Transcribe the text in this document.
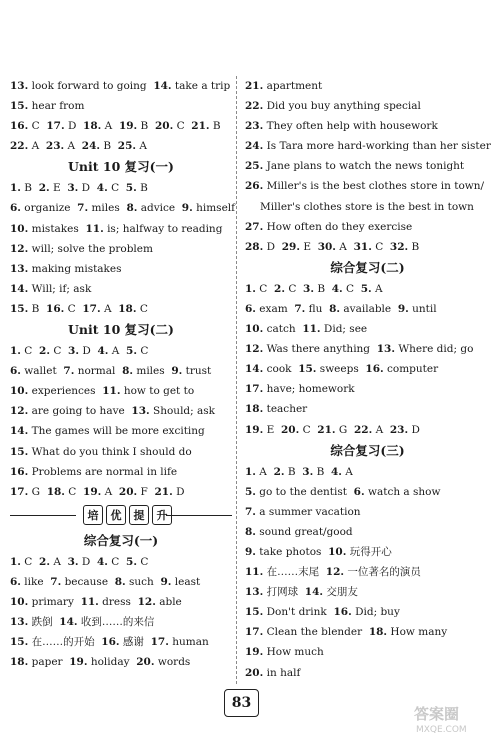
13. look forward to going  14. take a trip
15. hear from
16. C  17. D  18. A  19. B  20. C  21. B
22. A  23. A  24. B  25. A
Unit 10 复习(一)
1. B  2. E  3. D  4. C  5. B
6. organize  7. miles  8. advice  9. himself
10. mistakes  11. is; halfway to reading
12. will; solve the problem
13. making mistakes
14. Will; if; ask
15. B  16. C  17. A  18. C
Unit 10 复习(二)
1. C  2. C  3. D  4. A  5. C
6. wallet  7. normal  8. miles  9. trust
10. experiences  11. how to get to
12. are going to have  13. Should; ask
14. The games will be more exciting
15. What do you think I should do
16. Problems are normal in life
17. G  18. C  19. A  20. F  21. D
培	优	提	升
综合复习(一)
1. C  2. A  3. D  4. C  5. C
6. like  7. because  8. such  9. least
10. primary  11. dress  12. able
13. 跌倒  14. 收到……的来信
15. 在……的开始  16. 感谢  17. human
18. paper  19. holiday  20. words
21. apartment
22. Did you buy anything special
23. They often help with housework
24. Is Tara more hard-working than her sister
25. Jane plans to watch the news tonight
26. Miller's is the best clothes store in town/
Miller's clothes store is the best in town
27. How often do they exercise
28. D  29. E  30. A  31. C  32. B
综合复习(二)
1. C  2. C  3. B  4. C  5. A
6. exam  7. flu  8. available  9. until
10. catch  11. Did; see
12. Was there anything  13. Where did; go
14. cook  15. sweeps  16. computer
17. have; homework
18. teacher
19. E  20. C  21. G  22. A  23. D
综合复习(三)
1. A  2. B  3. B  4. A
5. go to the dentist  6. watch a show
7. a summer vacation
8. sound great/good
9. take photos  10. 玩得开心
11. 在……末尾  12. 一位著名的演员
13. 打网球  14. 交朋友
15. Don't drink  16. Did; buy
17. Clean the blender  18. How many
19. How much
20. in half
83
答案圈
MXQE.COM
